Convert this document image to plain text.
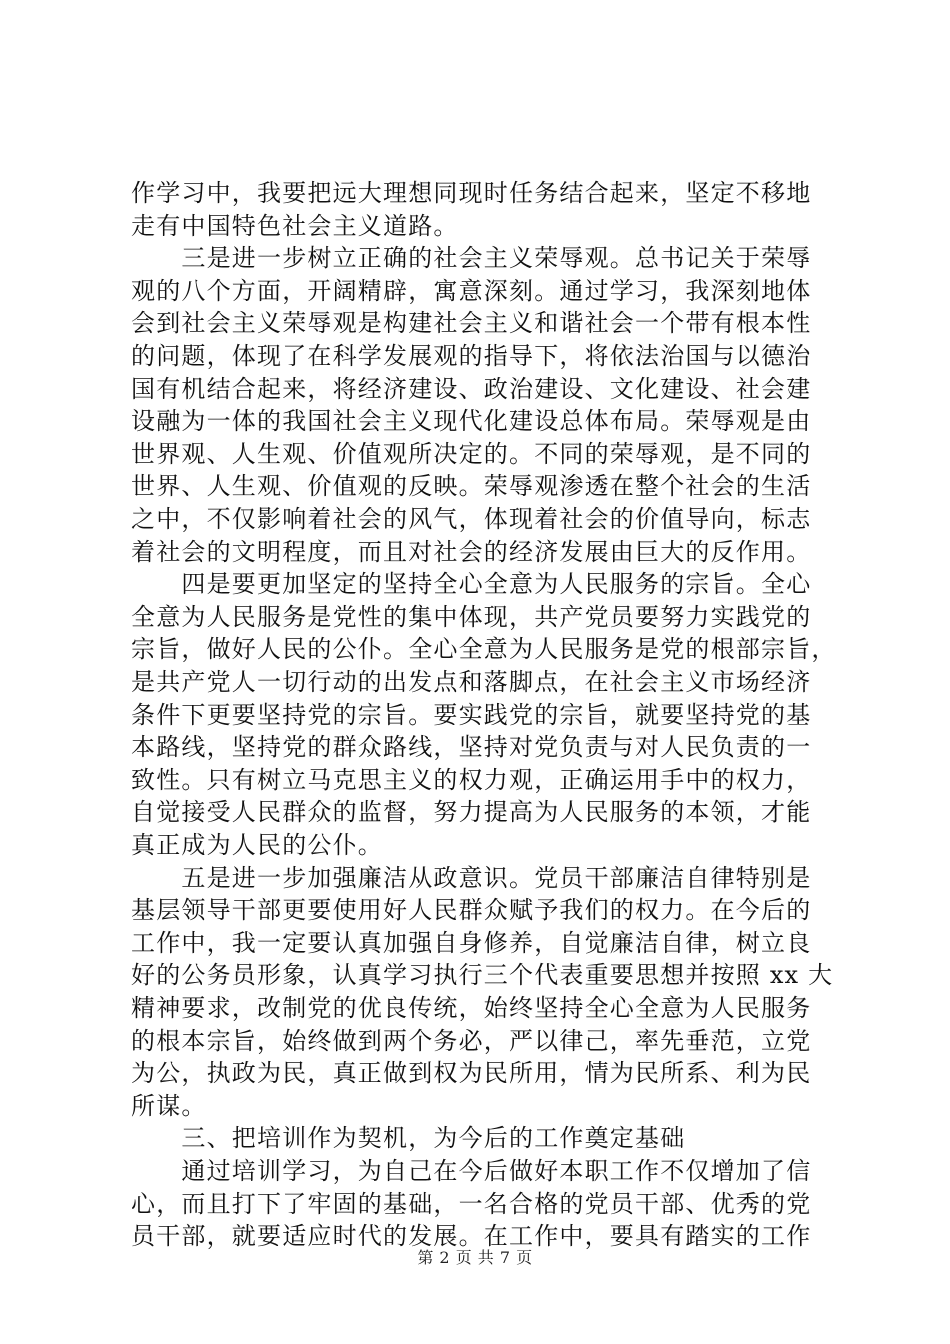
作学习中，我要把远大理想同现时任务结合起来，坚定不移地
走有中国特色社会主义道路。
　　三是进一步树立正确的社会主义荣辱观。总书记关于荣辱
观的八个方面，开阔精辟，寓意深刻。通过学习，我深刻地体
会到社会主义荣辱观是构建社会主义和谐社会一个带有根本性
的问题，体现了在科学发展观的指导下，将依法治国与以德治
国有机结合起来，将经济建设、政治建设、文化建设、社会建
设融为一体的我国社会主义现代化建设总体布局。荣辱观是由
世界观、人生观、价值观所决定的。不同的荣辱观，是不同的
世界、人生观、价值观的反映。荣辱观渗透在整个社会的生活
之中，不仅影响着社会的风气，体现着社会的价值导向，标志
着社会的文明程度，而且对社会的经济发展由巨大的反作用。
　　四是要更加坚定的坚持全心全意为人民服务的宗旨。全心
全意为人民服务是党性的集中体现，共产党员要努力实践党的
宗旨，做好人民的公仆。全心全意为人民服务是党的根部宗旨，
是共产党人一切行动的出发点和落脚点，在社会主义市场经济
条件下更要坚持党的宗旨。要实践党的宗旨，就要坚持党的基
本路线，坚持党的群众路线，坚持对党负责与对人民负责的一
致性。只有树立马克思主义的权力观，正确运用手中的权力，
自觉接受人民群众的监督，努力提高为人民服务的本领，才能
真正成为人民的公仆。
　　五是进一步加强廉洁从政意识。党员干部廉洁自律特别是
基层领导干部更要使用好人民群众赋予我们的权力。在今后的
工作中，我一定要认真加强自身修养，自觉廉洁自律，树立良
好的公务员形象，认真学习执行三个代表重要思想并按照 xx 大
精神要求，改制党的优良传统，始终坚持全心全意为人民服务
的根本宗旨，始终做到两个务必，严以律己，率先垂范，立党
为公，执政为民，真正做到权为民所用，情为民所系、利为民
所谋。
　　三、把培训作为契机，为今后的工作奠定基础
　　通过培训学习，为自己在今后做好本职工作不仅增加了信
心，而且打下了牢固的基础，一名合格的党员干部、优秀的党
员干部，就要适应时代的发展。在工作中，要具有踏实的工作
第 2 页 共 7 页
